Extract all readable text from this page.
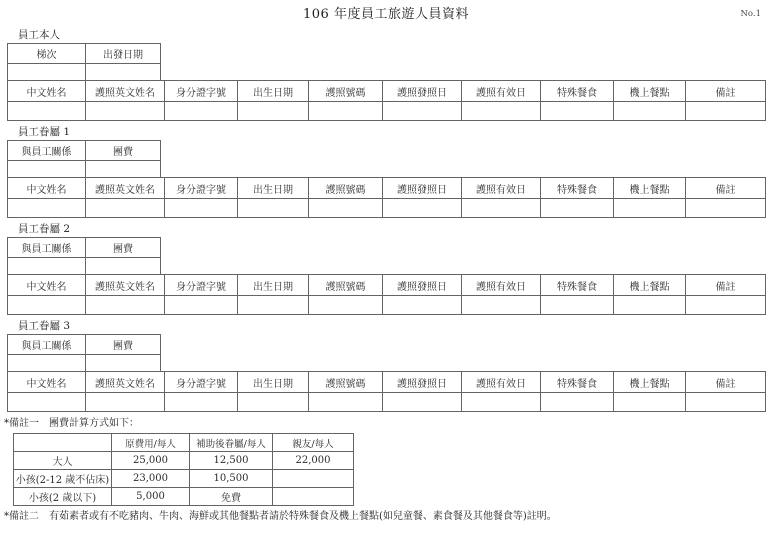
106 年度員工旅遊人員資料	No.1
員工本人
梯次	出發日期

中文姓名	護照英文姓名	身分證字號	出生日期	護照號碼	護照發照日	護照有效日	特殊餐食	機上餐點	備註

員工眷屬 1
與員工關係	團費

中文姓名	護照英文姓名	身分證字號	出生日期	護照號碼	護照發照日	護照有效日	特殊餐食	機上餐點	備註

員工眷屬 2
與員工關係	團費

中文姓名	護照英文姓名	身分證字號	出生日期	護照號碼	護照發照日	護照有效日	特殊餐食	機上餐點	備註

員工眷屬 3
與員工關係	團費

中文姓名	護照英文姓名	身分證字號	出生日期	護照號碼	護照發照日	護照有效日	特殊餐食	機上餐點	備註

*備註一　團費計算方式如下：
	原費用/每人	補助後眷屬/每人	親友/每人
大人	25,000	12,500	22,000
小孩(2-12 歲不佔床)	23,000	10,500	
小孩(2 歲以下)	5,000	免費	
*備註二　有茹素者或有不吃豬肉、牛肉、海鮮或其他餐點者請於特殊餐食及機上餐點(如兒童餐、素食餐及其他餐食等)註明。
